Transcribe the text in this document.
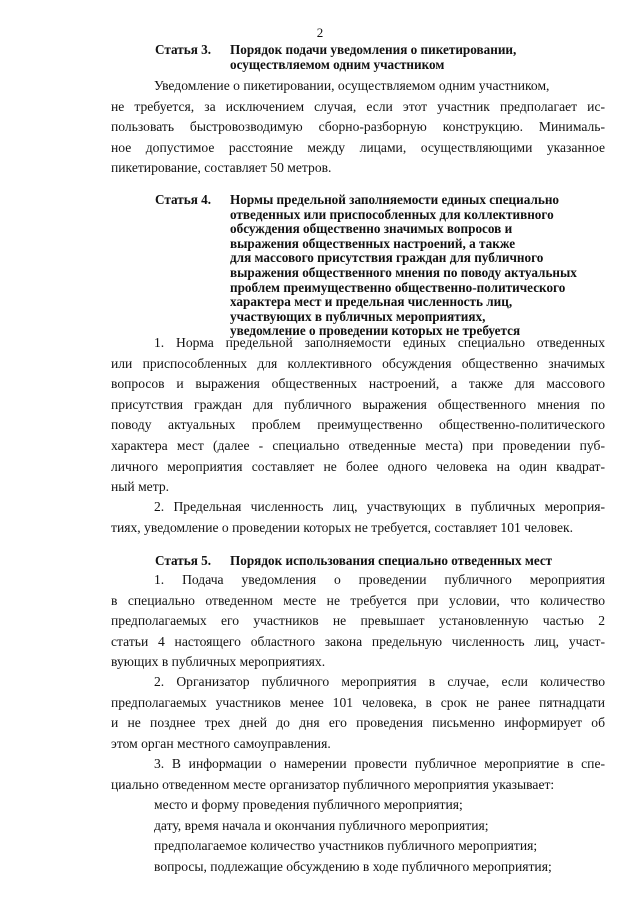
2
Статья 3. Порядок подачи уведомления о пикетировании,
осуществляемом одним участником
Уведомление о пикетировании, осуществляемом одним участником,
не требуется, за исключением случая, если этот участник предполагает ис-
пользовать быстровозводимую сборно-разборную конструкцию. Минималь-
ное допустимое расстояние между лицами, осуществляющими указанное
пикетирование, составляет 50 метров.
Статья 4. Нормы предельной заполняемости единых специально
отведенных или приспособленных для коллективного
обсуждения общественно значимых вопросов и
выражения общественных настроений, а также
для массового присутствия граждан для публичного
выражения общественного мнения по поводу актуальных
проблем преимущественно общественно-политического
характера мест и предельная численность лиц,
участвующих в публичных мероприятиях,
уведомление о проведении которых не требуется
1. Норма предельной заполняемости единых специально отведенных
или приспособленных для коллективного обсуждения общественно значимых
вопросов и выражения общественных настроений, а также для массового
присутствия граждан для публичного выражения общественного мнения по
поводу актуальных проблем преимущественно общественно-политического
характера мест (далее - специально отведенные места) при проведении пуб-
личного мероприятия составляет не более одного человека на один квадрат-
ный метр.
2. Предельная численность лиц, участвующих в публичных мероприя-
тиях, уведомление о проведении которых не требуется, составляет 101 человек.
Статья 5. Порядок использования специально отведенных мест
1. Подача уведомления о проведении публичного мероприятия
в специально отведенном месте не требуется при условии, что количество
предполагаемых его участников не превышает установленную частью 2
статьи 4 настоящего областного закона предельную численность лиц, участ-
вующих в публичных мероприятиях.
2. Организатор публичного мероприятия в случае, если количество
предполагаемых участников менее 101 человека, в срок не ранее пятнадцати
и не позднее трех дней до дня его проведения письменно информирует об
этом орган местного самоуправления.
3. В информации о намерении провести публичное мероприятие в спе-
циально отведенном месте организатор публичного мероприятия указывает:
место и форму проведения публичного мероприятия;
дату, время начала и окончания публичного мероприятия;
предполагаемое количество участников публичного мероприятия;
вопросы, подлежащие обсуждению в ходе публичного мероприятия;
